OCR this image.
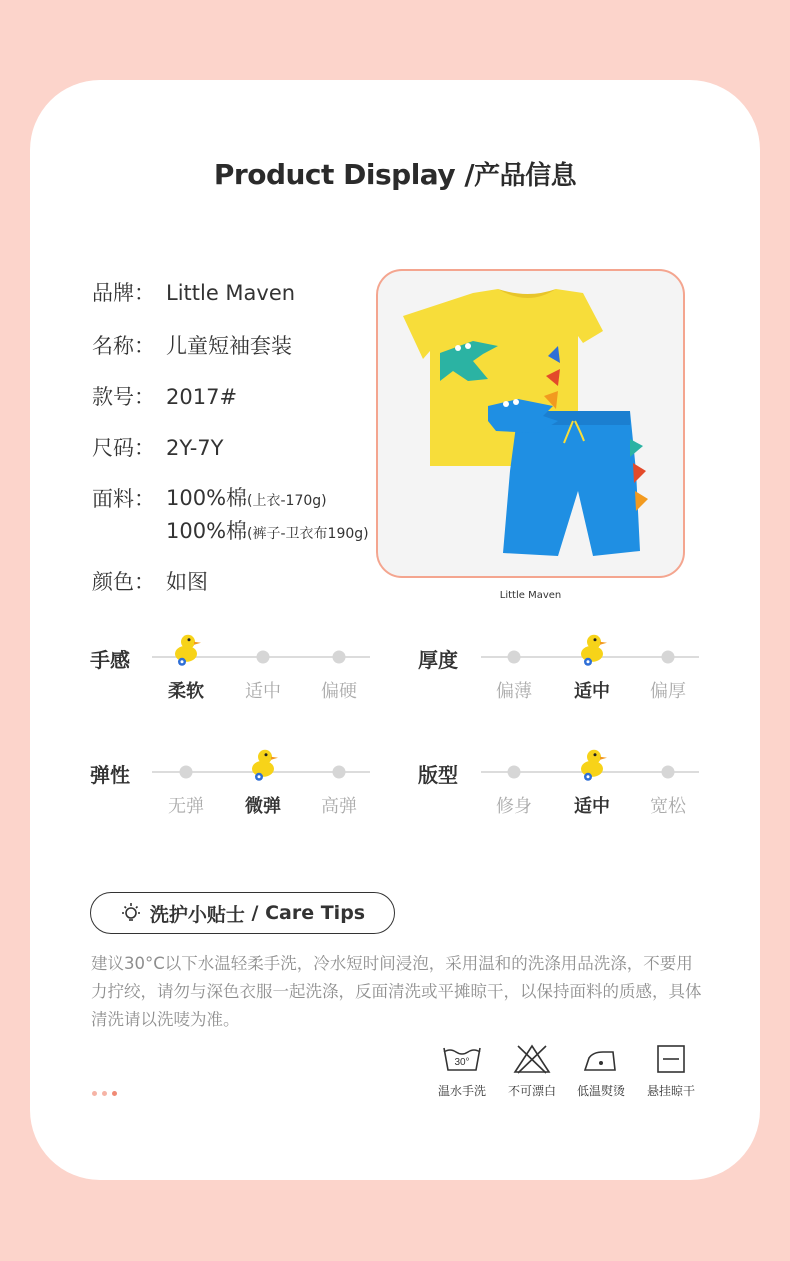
Product Display /产品信息
品牌： Little Maven
名称： 儿童短袖套装
款号： 2017#
尺码： 2Y-7Y
面料： 100%棉(上衣-170g)
100%棉(裤子-卫衣布190g)
颜色： 如图
Little Maven
手感
柔软 适中 偏硬
厚度
偏薄 适中 偏厚
弹性
无弹 微弹 高弹
版型
修身 适中 宽松
洗护小贴士
/ Care Tips
建议30°C以下水温轻柔手洗，冷水短时间浸泡，采用温和的洗涤用品洗涤，不要用力拧绞，请勿与深色衣服一起洗涤，反面清洗或平摊晾干，以保持面料的质感，具体清洗请以洗唛为准。
30°
温水手洗	不可漂白	低温熨烫	悬挂晾干
